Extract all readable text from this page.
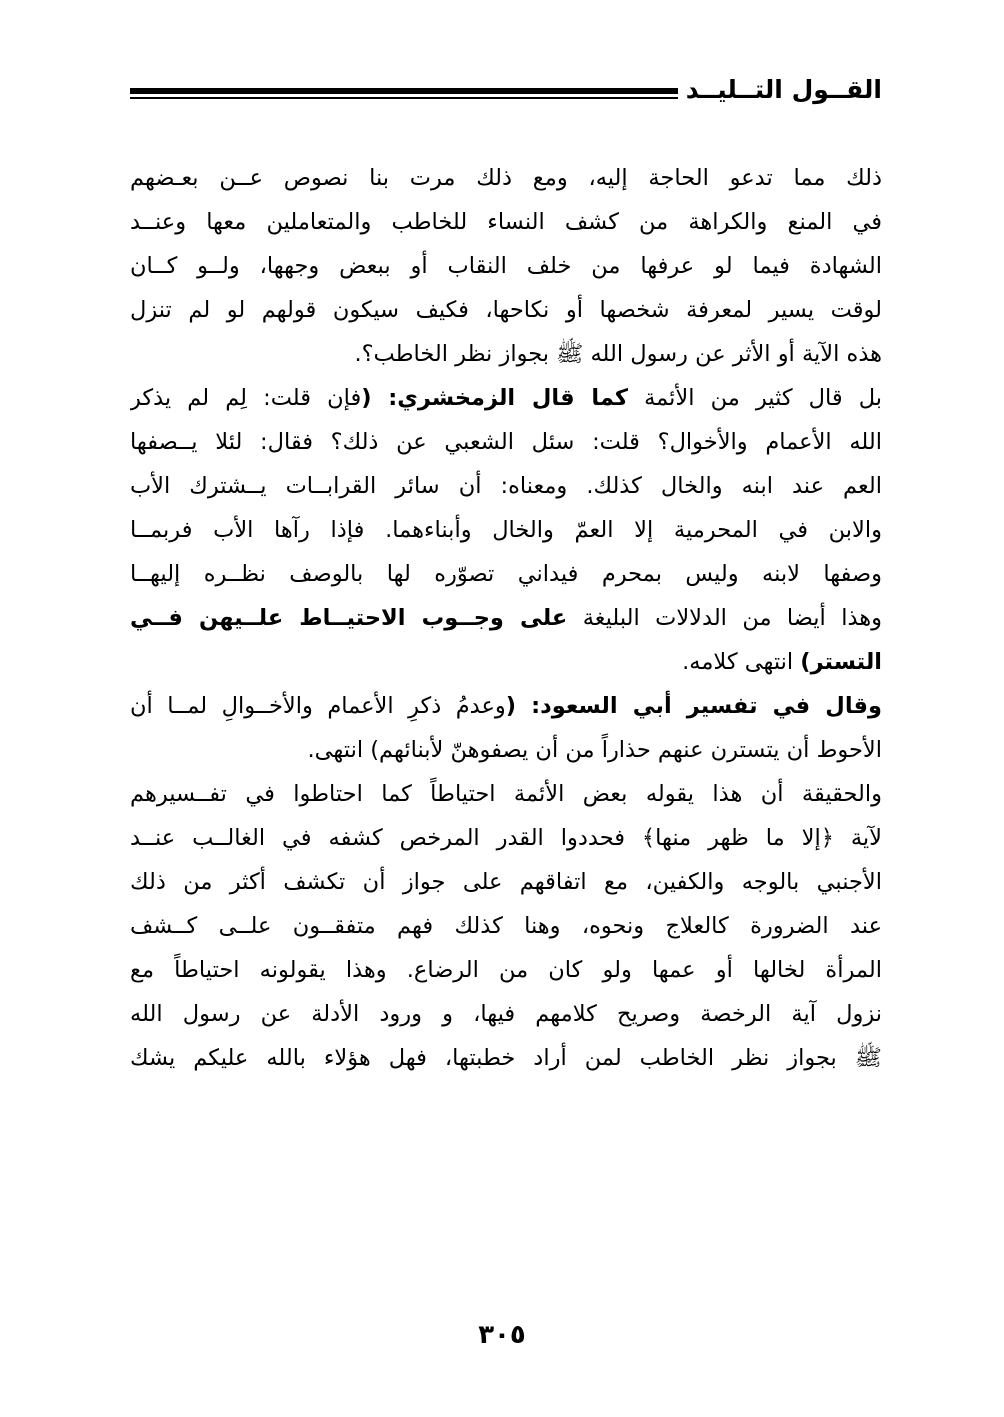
القــول التــليــد
ذلك مما تدعو الحاجة إليه، ومع ذلك مرت بنا نصوص عــن بعـضهم
في المنع والكراهة من كشف النساء للخاطب والمتعاملين معها وعنــد
الشهادة فيما لو عرفها من خلف النقاب أو ببعض وجهها، ولــو كــان
لوقت يسير لمعرفة شخصها أو نكاحها، فكيف سيكون قولهم لو لم تنزل
هذه الآية أو الأثر عن رسول الله ﷺ بجواز نظر الخاطب؟.
بل قال كثير من الأئمة كما قال الزمخشري: (فإن قلت: لِم لم يذكر
الله الأعمام والأخوال؟ قلت: سئل الشعبي عن ذلك؟ فقال: لئلا يــصفها
العم عند ابنه والخال كذلك. ومعناه: أن سائر القرابــات يــشترك الأب
والابن في المحرمية إلا العمّ والخال وأبناءهما. فإذا رآها الأب فربمــا
وصفها لابنه وليس بمحرم فيداني تصوّره لها بالوصف نظــره إليهــا
وهذا أيضا من الدلالات البليغة على وجــوب الاحتيــاط علــيهن فــي
التستر) انتهى كلامه.
وقال في تفسير أبي السعود: (وعدمُ ذكرِ الأعمام والأخــوالِ لمــا أن
الأحوط أن يتسترن عنهم حذاراً من أن يصفوهنّ لأبنائهم) انتهى.
والحقيقة أن هذا يقوله بعض الأئمة احتياطاً كما احتاطوا في تفــسيرهم
لآية ﴿إلا ما ظهر منها﴾ فحددوا القدر المرخص كشفه في الغالــب عنــد
الأجنبي بالوجه والكفين، مع اتفاقهم على جواز أن تكشف أكثر من ذلك
عند الضرورة كالعلاج ونحوه، وهنا كذلك فهم متفقــون علــى كــشف
المرأة لخالها أو عمها ولو كان من الرضاع. وهذا يقولونه احتياطاً مع
نزول آية الرخصة وصريح كلامهم فيها، و ورود الأدلة عن رسول الله
ﷺ بجواز نظر الخاطب لمن أراد خطبتها، فهل هؤلاء بالله عليكم يشك
٣٠٥
